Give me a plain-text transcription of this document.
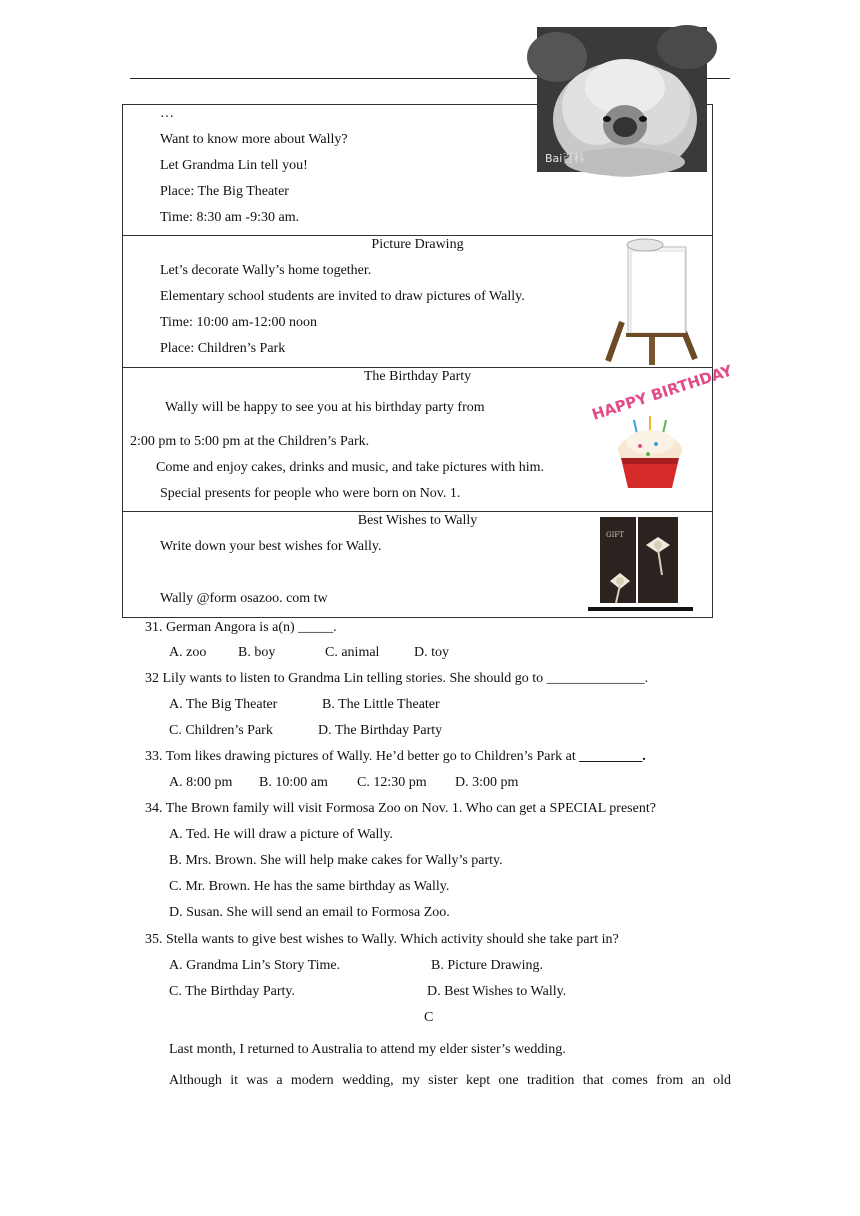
…
Want to know more about Wally?
Let Grandma Lin tell you!
Place: The Big Theater
Time: 8:30 am -9:30 am.
Bai百科
Picture Drawing
Let’s decorate Wally’s home together.
Elementary school students are invited to draw pictures of Wally.
Time: 10:00 am-12:00 noon
Place: Children’s Park
The Birthday Party
Wally will be happy to see you at his birthday party from
2:00 pm to 5:00 pm at the Children’s Park.
Come and enjoy cakes, drinks and music, and take pictures with him.
Special presents for people who were born on Nov. 1.
HAPPY BIRTHDAY
Best Wishes to Wally
Write down your best wishes for Wally.
Wally @form osazoo. com tw
GIFT
31. German Angora is a(n) _____.
A. zoo B. boy	C. animal D. toy
32 Lily wants to listen to Grandma Lin telling stories. She should go to ______________.
A. The Big Theater	B. The Little Theater
C. Children’s Park	D. The Birthday Party
33. Tom likes drawing pictures of Wally. He’d better go to Children’s Park at _________.
A. 8:00 pm B. 10:00 am C. 12:30 pm D. 3:00 pm
34. The Brown family will visit Formosa Zoo on Nov. 1. Who can get a SPECIAL present?
A. Ted. He will draw a picture of Wally.
B. Mrs. Brown. She will help make cakes for Wally’s party.
C. Mr. Brown. He has the same birthday as Wally.
D. Susan. She will send an email to Formosa Zoo.
35. Stella wants to give best wishes to Wally. Which activity should she take part in?
A. Grandma Lin’s Story Time.	B. Picture Drawing.
C. The Birthday Party.	D. Best Wishes to Wally.
C
Last month, I returned to Australia to attend my elder sister’s wedding.
Although it was a modern wedding, my sister kept one tradition that comes from an old
